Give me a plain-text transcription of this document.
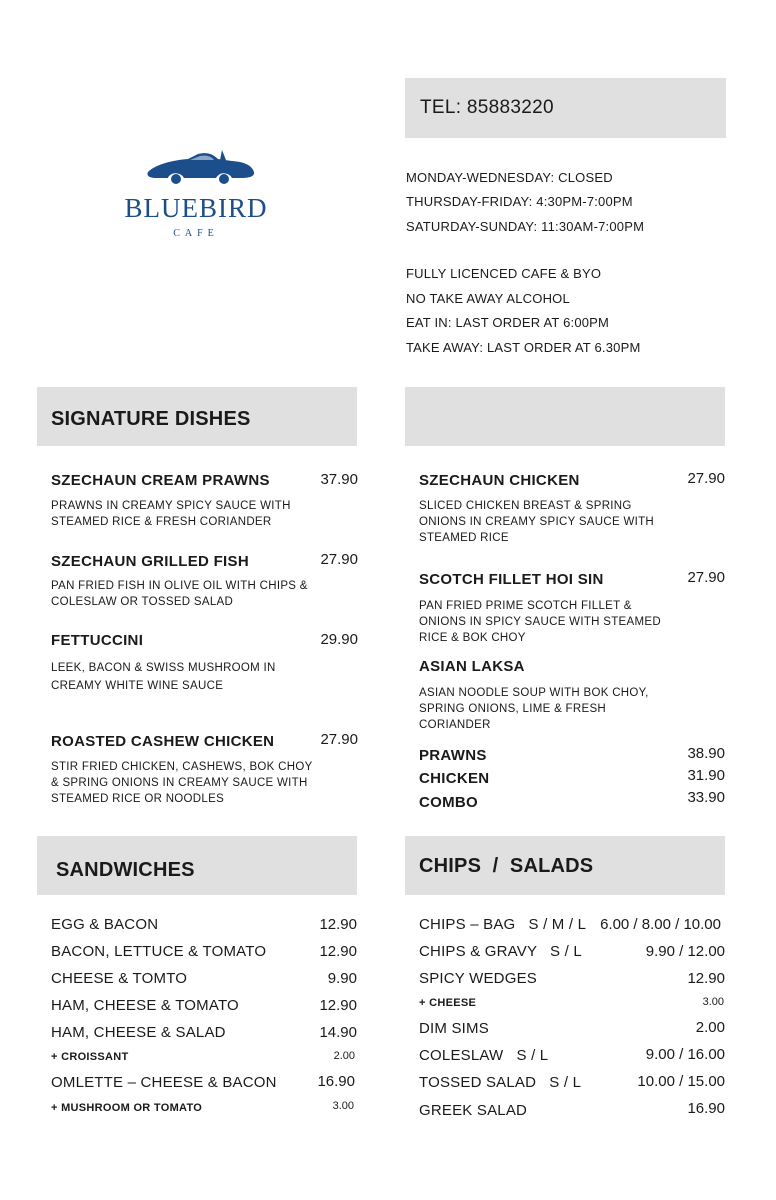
BLUEBIRD
CAFE
TEL: 85883220
MONDAY-WEDNESDAY: CLOSED
THURSDAY-FRIDAY: 4:30PM-7:00PM
SATURDAY-SUNDAY: 11:30AM-7:00PM
FULLY LICENCED CAFE & BYO
NO TAKE AWAY ALCOHOL
EAT IN: LAST ORDER AT 6:00PM
TAKE AWAY: LAST ORDER AT 6.30PM
SIGNATURE DISHES
SZECHAUN CREAM PRAWNS	37.90
PRAWNS IN CREAMY SPICY SAUCE WITH STEAMED RICE & FRESH CORIANDER
SZECHAUN GRILLED FISH	27.90
PAN FRIED FISH IN OLIVE OIL WITH CHIPS & COLESLAW OR TOSSED SALAD
FETTUCCINI	29.90
LEEK, BACON & SWISS MUSHROOM IN CREAMY WHITE WINE SAUCE
ROASTED CASHEW CHICKEN	27.90
STIR FRIED CHICKEN, CASHEWS, BOK CHOY & SPRING ONIONS IN CREAMY SAUCE WITH STEAMED RICE OR NOODLES
SZECHAUN CHICKEN	27.90
SLICED CHICKEN BREAST & SPRING ONIONS IN CREAMY SPICY SAUCE WITH STEAMED RICE
SCOTCH FILLET HOI SIN	27.90
PAN FRIED PRIME SCOTCH FILLET & ONIONS IN SPICY SAUCE WITH STEAMED RICE & BOK CHOY
ASIAN LAKSA
ASIAN NOODLE SOUP WITH BOK CHOY, SPRING ONIONS, LIME & FRESH CORIANDER
PRAWNS	38.90
CHICKEN	31.90
COMBO	33.90
SANDWICHES
EGG & BACON	12.90
BACON, LETTUCE & TOMATO	12.90
CHEESE & TOMTO	9.90
HAM, CHEESE & TOMATO	12.90
HAM, CHEESE & SALAD	14.90
+ CROISSANT	2.00
OMLETTE – CHEESE & BACON	16.90
+ MUSHROOM OR TOMATO	3.00
CHIPS  /  SALADS
CHIPS – BAG   S / M / L 6.00 / 8.00 / 10.00
CHIPS & GRAVY   S / L	9.90 / 12.00
SPICY WEDGES	12.90
+ CHEESE	3.00
DIM SIMS	2.00
COLESLAW   S / L	9.00 / 16.00
TOSSED SALAD   S / L	10.00 / 15.00
GREEK SALAD	16.90
